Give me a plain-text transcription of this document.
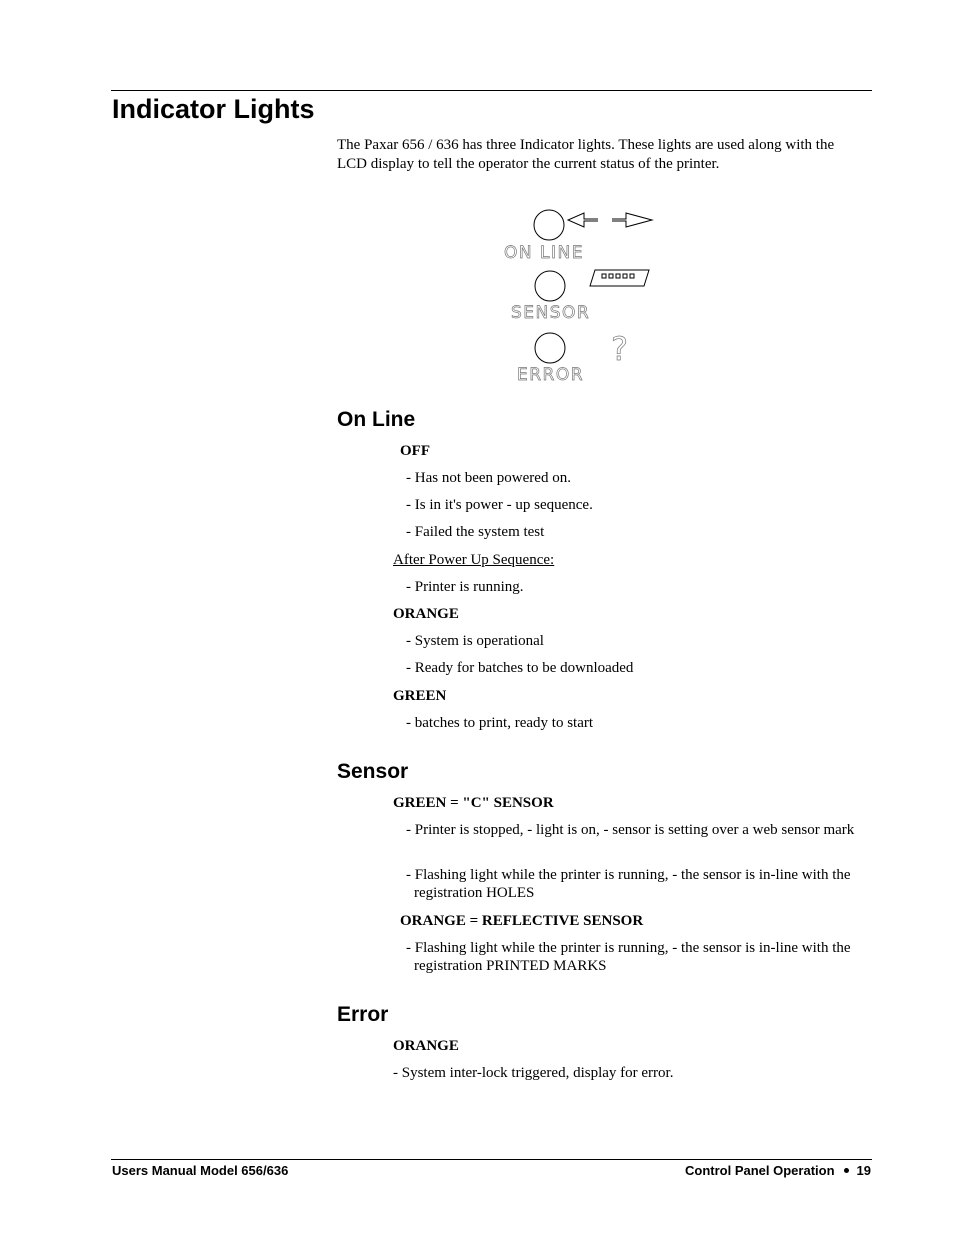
Indicator Lights

The Paxar 656 / 636 has three Indicator lights. These lights are used along with the LCD display to tell the operator the current status of the printer.

ON LINE
SENSOR
ERROR
?
On Line

OFF

- Has not been powered on.

- Is in it's power - up sequence.

- Failed the system test

After Power Up Sequence:

- Printer is running.

ORANGE

- System is operational

- Ready for batches to be downloaded

GREEN

- batches to print, ready to start

Sensor

GREEN = "C" SENSOR

- Printer is stopped, - light is on, - sensor is setting over a web sensor mark

- Flashing light while the printer is running, - the sensor is in-line with the registration HOLES

ORANGE = REFLECTIVE SENSOR

- Flashing light while the printer is running, - the sensor is in-line with the registration PRINTED MARKS

Error

ORANGE

- System inter-lock triggered, display for error.

Users Manual Model 656/636	Control Panel Operation 19
